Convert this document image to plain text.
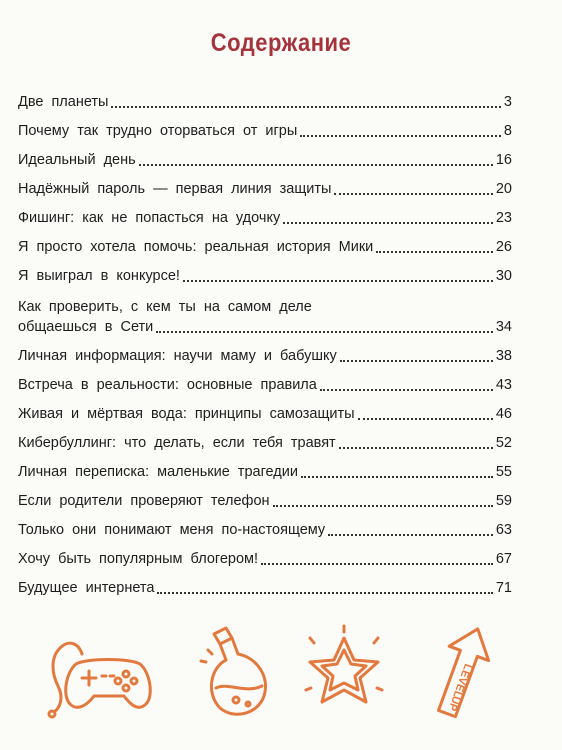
Содержание
Две планеты	3
Почему так трудно оторваться от игры	8
Идеальный день	16
Надёжный пароль — первая линия защиты	20
Фишинг: как не попасться на удочку	23
Я просто хотела помочь: реальная история Мики	26
Я выиграл в конкурсе!	30
Как проверить, с кем ты на самом деле
общаешься в Сети	34
Личная информация: научи маму и бабушку	38
Встреча в реальности: основные правила	43
Живая и мёртвая вода: принципы самозащиты	46
Кибербуллинг: что делать, если тебя травят	52
Личная переписка: маленькие трагедии	55
Если родители проверяют телефон	59
Только они понимают меня по-настоящему	63
Хочу быть популярным блогером!	67
Будущее интернета	71
LEVEL
UP
